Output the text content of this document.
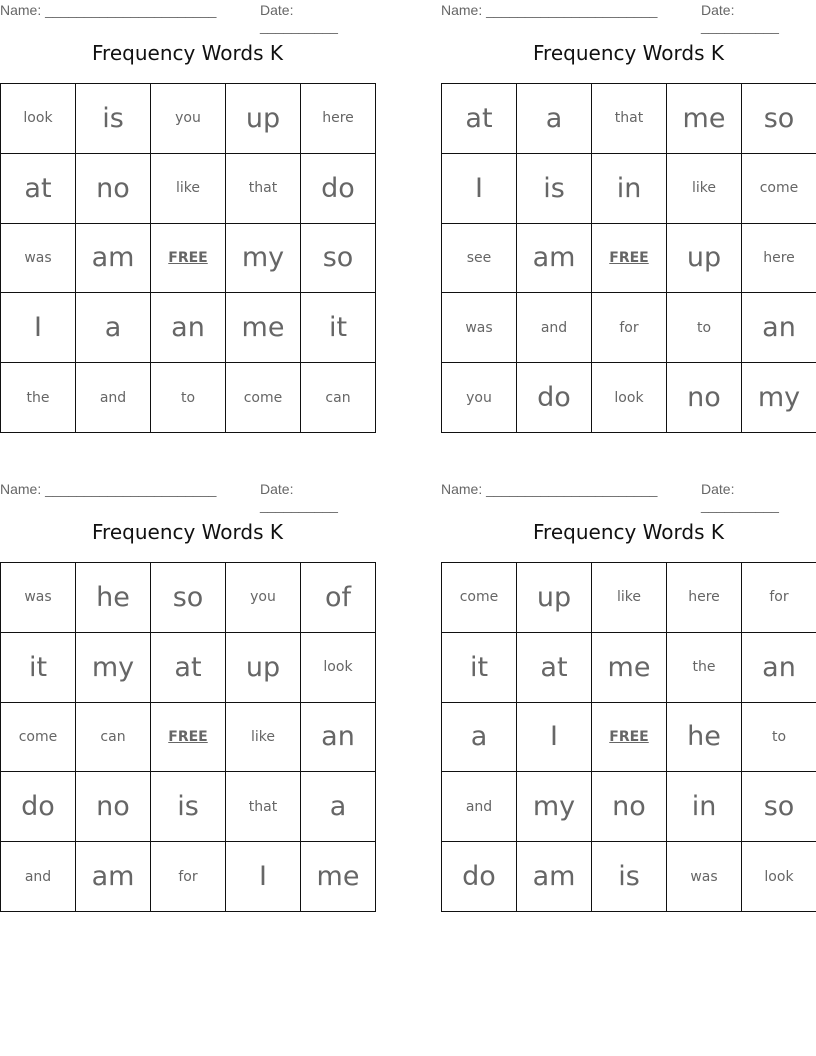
Name: ______________________	Date: __________
Frequency Words K
look	is	you	up	here
at	no	like	that	do
was	am	FREE	my	so
I	a	an	me	it
the	and	to	come	can
Name: ______________________	Date: __________
Frequency Words K
at	a	that	me	so
I	is	in	like	come
see	am	FREE	up	here
was	and	for	to	an
you	do	look	no	my
Name: ______________________	Date: __________
Frequency Words K
was	he	so	you	of
it	my	at	up	look
come	can	FREE	like	an
do	no	is	that	a
and	am	for	I	me
Name: ______________________	Date: __________
Frequency Words K
come	up	like	here	for
it	at	me	the	an
a	I	FREE	he	to
and	my	no	in	so
do	am	is	was	look
